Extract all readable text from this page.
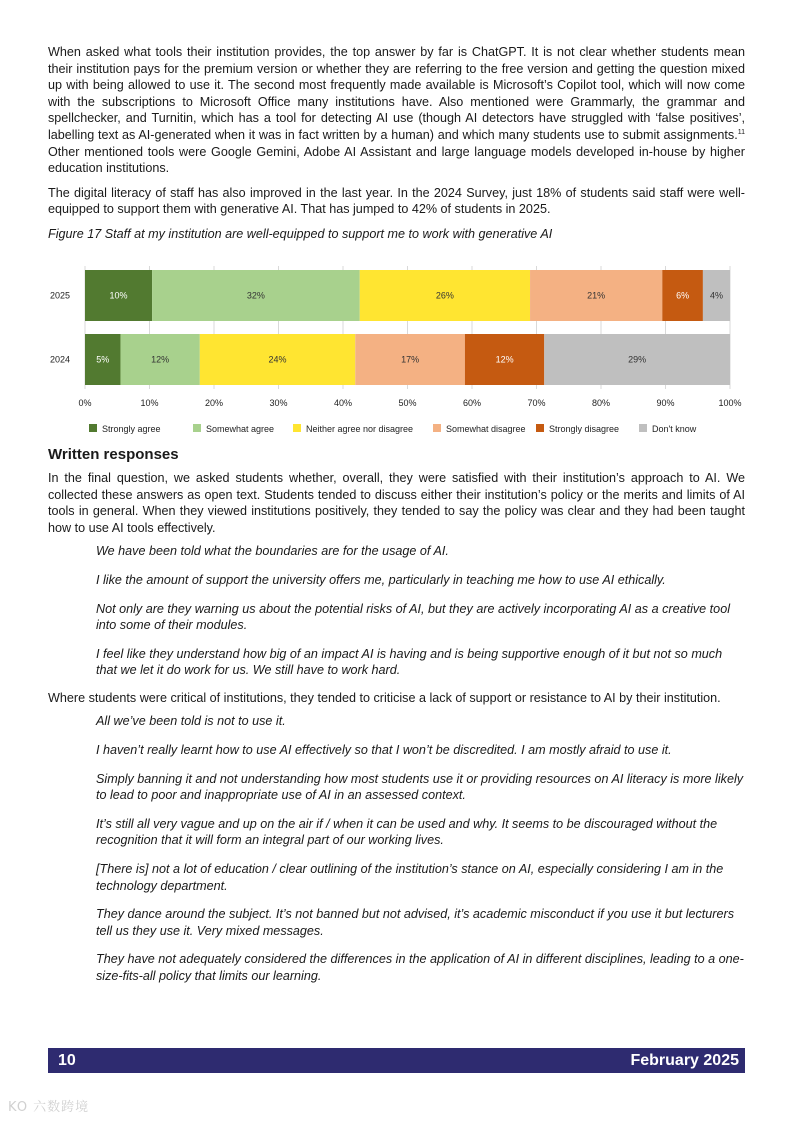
When asked what tools their institution provides, the top answer by far is ChatGPT. It is not clear whether students mean their institution pays for the premium version or whether they are referring to the free version and getting the question mixed up with being allowed to use it. The second most frequently made available is Microsoft’s Copilot tool, which will now come with the subscriptions to Microsoft Office many institutions have. Also mentioned were Grammarly, the grammar and spellchecker, and Turnitin, which has a tool for detecting AI use (though AI detectors have struggled with ‘false positives’, labelling text as AI-generated when it was in fact written by a human) and which many students use to submit assignments.$^{11}$ Other mentioned tools were Google Gemini, Adobe AI Assistant and large language models developed in-house by higher education institutions.

The digital literacy of staff has also improved in the last year. In the 2024 Survey, just 18% of students said staff were well-equipped to support them with generative AI. That has jumped to 42% of students in 2025.

Figure 17 Staff at my institution are well-equipped to support me to work with generative AI

0%	10%	20%	30%	40%	50%	60%	70%	80%	90%	100%
2025
2024
10%	32%	26%	21%	6% 4%
5%	12%	24%	17%	12%	29%
Strongly agree	Somewhat agree	Neither agree nor disagree	Somewhat disagree	Strongly disagree	Don't know

Written responses

In the final question, we asked students whether, overall, they were satisfied with their institution’s approach to AI. We collected these answers as open text. Students tended to discuss either their institution’s policy or the merits and limits of AI tools in general. When they viewed institutions positively, they tended to say the policy was clear and they had been taught how to use AI tools effectively.

We have been told what the boundaries are for the usage of AI.

I like the amount of support the university offers me, particularly in teaching me how to use AI ethically.

Not only are they warning us about the potential risks of AI, but they are actively incorporating AI as a creative tool into some of their modules.

I feel like they understand how big of an impact AI is having and is being supportive enough of it but not so much that we let it do work for us. We still have to work hard.

Where students were critical of institutions, they tended to criticise a lack of support or resistance to AI by their institution.

All we’ve been told is not to use it.

I haven’t really learnt how to use AI effectively so that I won’t be discredited. I am mostly afraid to use it.

Simply banning it and not understanding how most students use it or providing resources on AI literacy is more likely to lead to poor and inappropriate use of AI in an assessed context.

It’s still all very vague and up on the air if / when it can be used and why. It seems to be discouraged without the recognition that it will form an integral part of our working lives.

[There is] not a lot of education / clear outlining of the institution’s stance on AI, especially considering I am in the technology department.

They dance around the subject. It’s not banned but not advised, it’s academic misconduct if you use it but lecturers tell us they use it. Very mixed messages.

They have not adequately considered the differences in the application of AI in different disciplines, leading to a one-size-fits-all policy that limits our learning.

10	February 2025
KO 六数跨境
